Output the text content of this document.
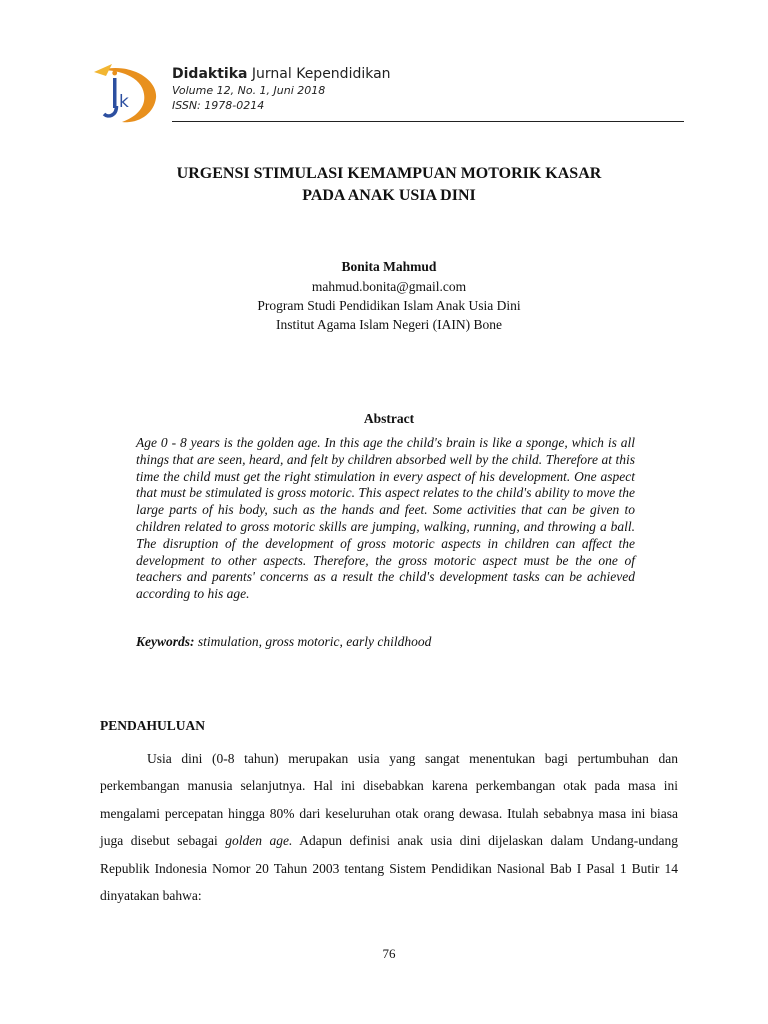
k
Didaktika Jurnal Kependidikan
Volume 12, No. 1, Juni 2018
ISSN: 1978-0214
URGENSI STIMULASI KEMAMPUAN MOTORIK KASAR
PADA ANAK USIA DINI
Bonita Mahmud
mahmud.bonita@gmail.com
Program Studi Pendidikan Islam Anak Usia Dini
Institut Agama Islam Negeri (IAIN) Bone
Abstract
Age 0 - 8 years is the golden age. In this age the child's brain is like a sponge, which is all things that are seen, heard, and felt by children absorbed well by the child. Therefore at this time the child must get the right stimulation in every aspect of his development. One aspect that must be stimulated is gross motoric. This aspect relates to the child's ability to move the large parts of his body, such as the hands and feet. Some activities that can be given to children related to gross motoric skills are jumping, walking, running, and throwing a ball. The disruption of the development of gross motoric aspects in children can affect the development to other aspects. Therefore, the gross motoric aspect must be the one of teachers and parents' concerns as a result the child's development tasks can be achieved according to his age.
Keywords: stimulation, gross motoric, early childhood
PENDAHULUAN
Usia dini (0-8 tahun) merupakan usia yang sangat menentukan bagi pertumbuhan dan perkembangan manusia selanjutnya. Hal ini disebabkan karena perkembangan otak pada masa ini mengalami percepatan hingga 80% dari keseluruhan otak orang dewasa. Itulah sebabnya masa ini biasa juga disebut sebagai golden age. Adapun definisi anak usia dini dijelaskan dalam Undang-undang Republik Indonesia Nomor 20 Tahun 2003 tentang Sistem Pendidikan Nasional Bab I Pasal 1 Butir 14 dinyatakan bahwa:
76
